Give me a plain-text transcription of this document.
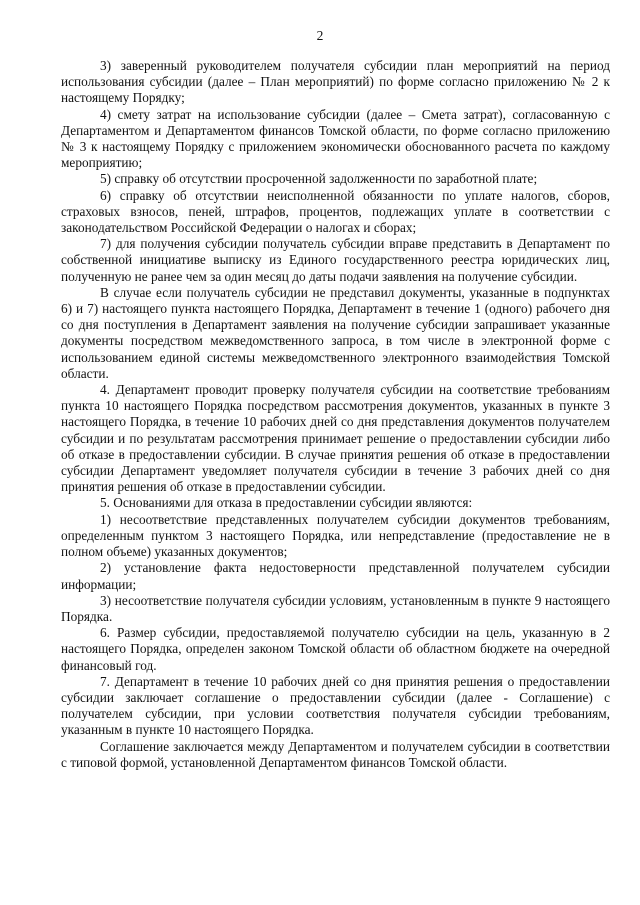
2

3) заверенный руководителем получателя субсидии план мероприятий на период использования субсидии (далее – План мероприятий) по форме согласно приложению № 2 к настоящему Порядку;

4) смету затрат на использование субсидии (далее – Смета затрат), согласованную с Департаментом и Департаментом финансов Томской области, по форме согласно приложению № 3 к настоящему Порядку с приложением экономически обоснованного расчета по каждому мероприятию;

5) справку об отсутствии просроченной задолженности по заработной плате;

6) справку об отсутствии неисполненной обязанности по уплате налогов, сборов, страховых взносов, пеней, штрафов, процентов, подлежащих уплате в соответствии с законодательством Российской Федерации о налогах и сборах;

7) для получения субсидии получатель субсидии вправе представить в Департамент по собственной инициативе выписку из Единого государственного реестра юридических лиц, полученную не ранее чем за один месяц до даты подачи заявления на получение субсидии.

В случае если получатель субсидии не представил документы, указанные в подпунктах 6) и 7) настоящего пункта настоящего Порядка, Департамент в течение 1 (одного) рабочего дня со дня поступления в Департамент заявления на получение субсидии запрашивает указанные документы посредством межведомственного запроса, в том числе в электронной форме с использованием единой системы межведомственного электронного взаимодействия Томской области.

4. Департамент проводит проверку получателя субсидии на соответствие требованиям пункта 10 настоящего Порядка посредством рассмотрения документов, указанных в пункте 3 настоящего Порядка, в течение 10 рабочих дней со дня представления документов получателем субсидии и по результатам рассмотрения принимает решение о предоставлении субсидии либо об отказе в предоставлении субсидии. В случае принятия решения об отказе в предоставлении субсидии Департамент уведомляет получателя субсидии в течение 3 рабочих дней со дня принятия решения об отказе в предоставлении субсидии.

5. Основаниями для отказа в предоставлении субсидии являются:

1) несоответствие представленных получателем субсидии документов требованиям, определенным пунктом 3 настоящего Порядка, или непредставление (предоставление не в полном объеме) указанных документов;

2) установление факта недостоверности представленной получателем субсидии информации;

3) несоответствие получателя субсидии условиям, установленным в пункте 9 настоящего Порядка.

6. Размер субсидии, предоставляемой получателю субсидии на цель, указанную в 2 настоящего Порядка, определен законом Томской области об областном бюджете на очередной финансовый год.

7. Департамент в течение 10 рабочих дней со дня принятия решения о предоставлении субсидии заключает соглашение о предоставлении субсидии (далее - Соглашение) с получателем субсидии, при условии соответствия получателя субсидии требованиям, указанным в пункте 10 настоящего Порядка.

Соглашение заключается между Департаментом и получателем субсидии в соответствии с типовой формой, установленной Департаментом финансов Томской области.
